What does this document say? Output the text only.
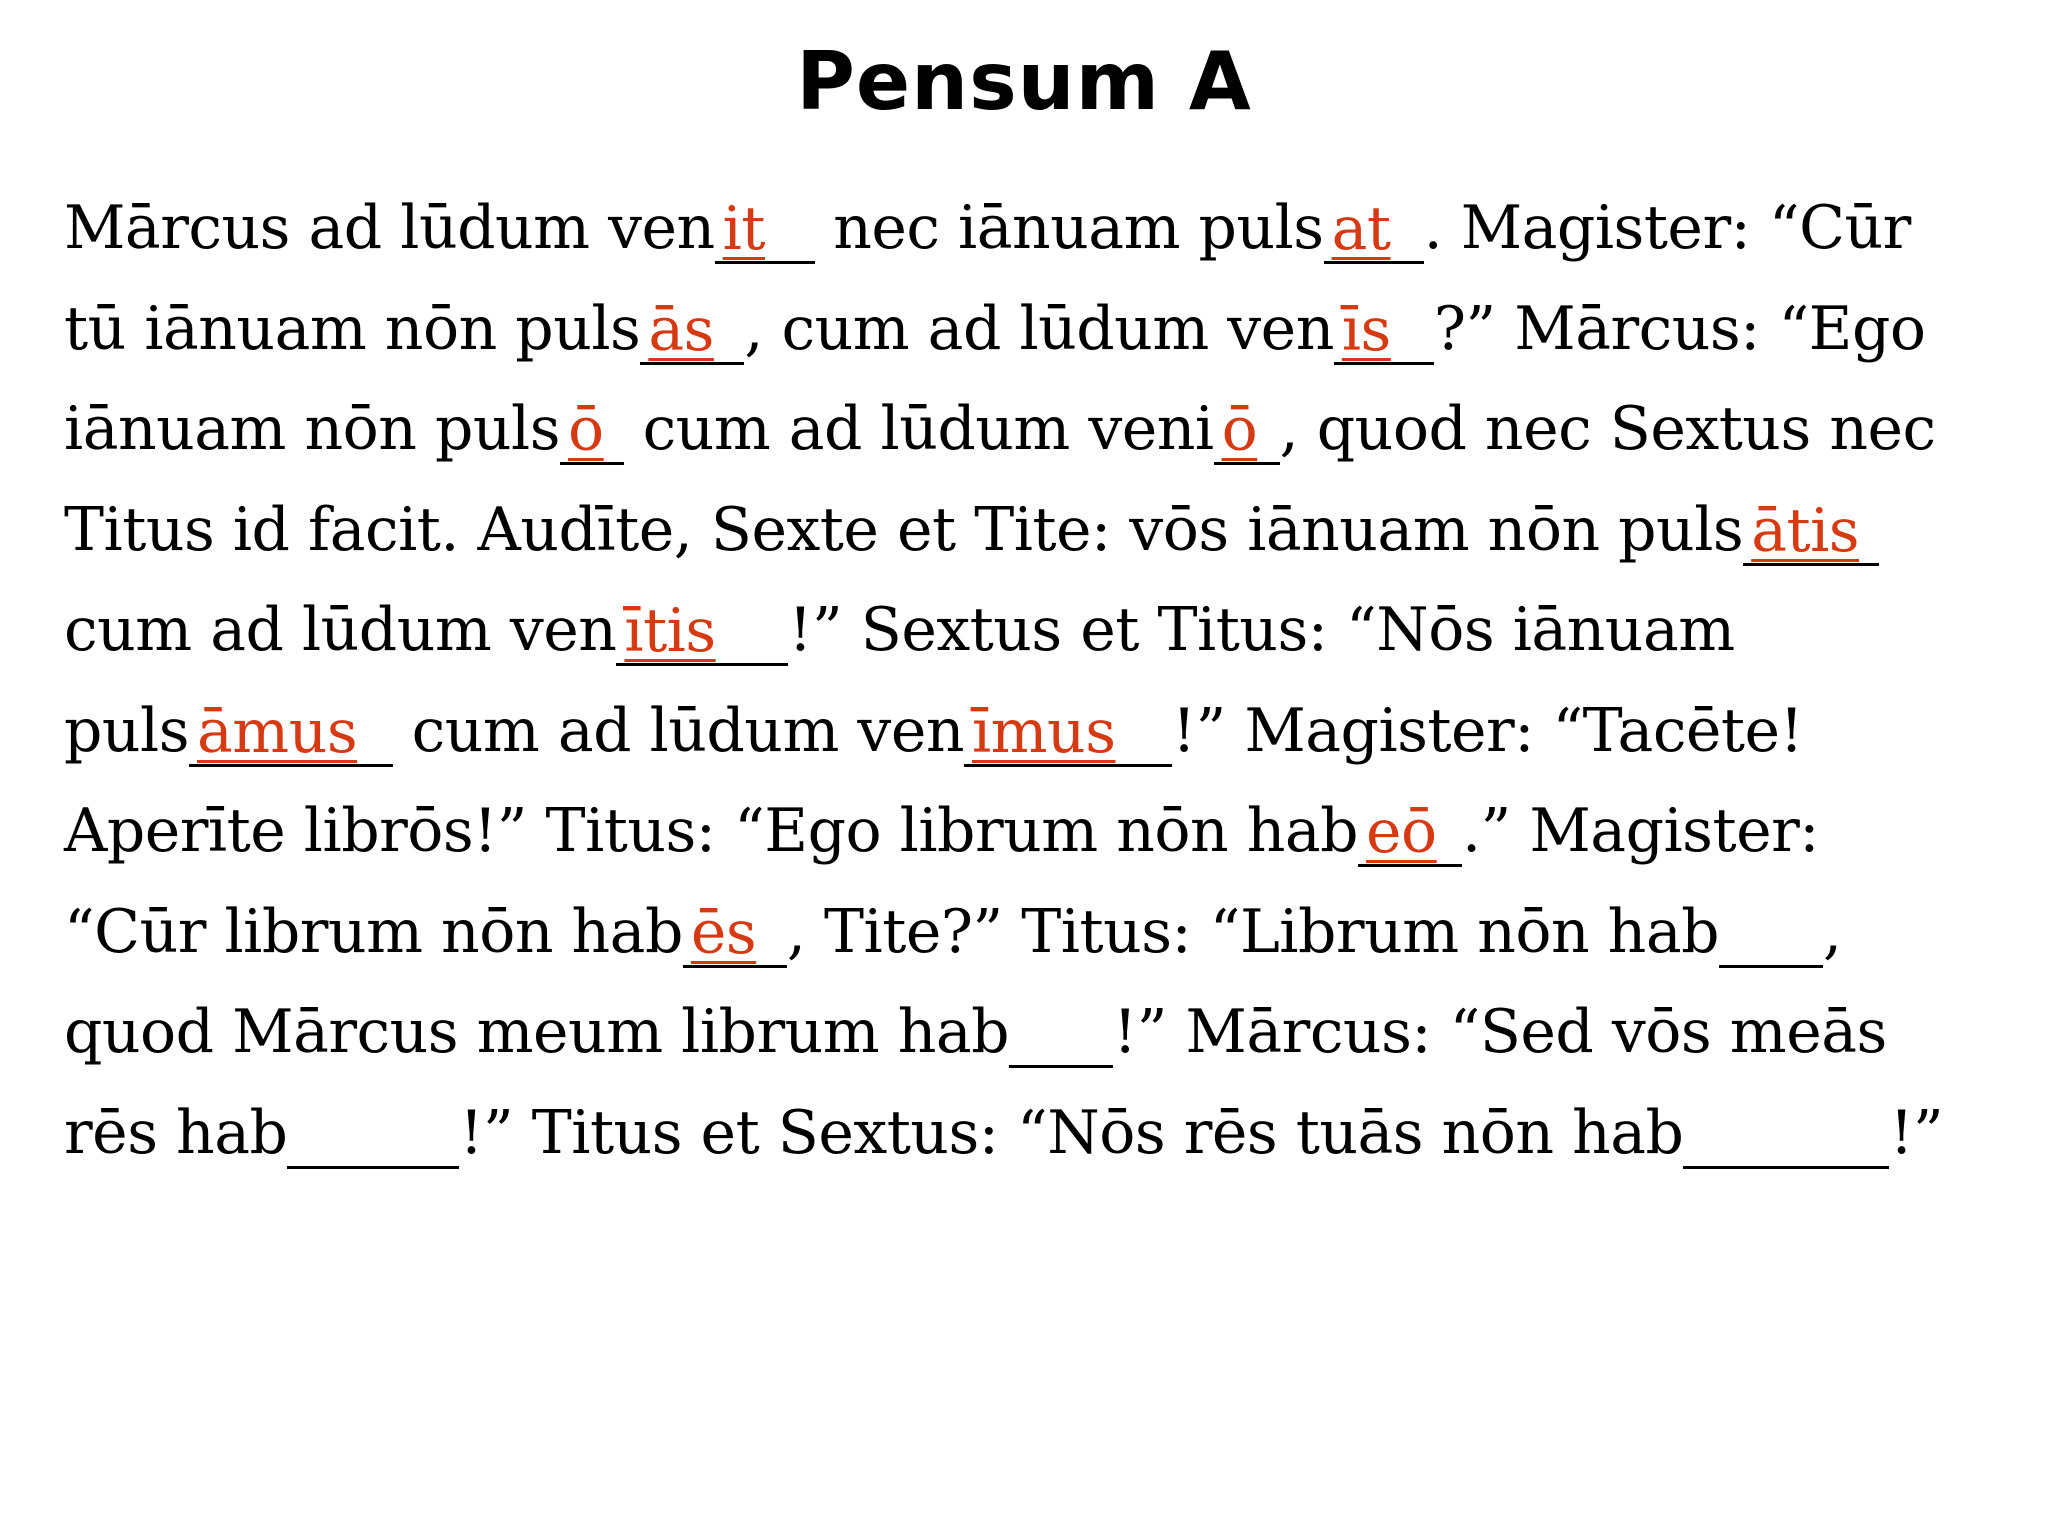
Pensum A
Mārcus ad lūdum ven it nec iānuam puls at . Magister: “Cūr
tū iānuam nōn puls ās , cum ad lūdum ven īs ?” Mārcus: “Ego
iānuam nōn puls ō cum ad lūdum veni ō , quod nec Sextus nec
Titus id facit. Audīte, Sexte et Tite: vōs iānuam nōn puls ātis
cum ad lūdum ven ītis !” Sextus et Titus: “Nōs iānuam
puls āmus cum ad lūdum ven īmus !” Magister: “Tacēte!
Aperīte librōs!” Titus: “Ego librum nōn hab eō .” Magister:
“Cūr librum nōn hab ēs , Tite?” Titus: “Librum nōn hab ,
quod Mārcus meum librum hab !” Mārcus: “Sed vōs meās
rēs hab	!” Titus et Sextus: “Nōs rēs tuās nōn hab	!”
